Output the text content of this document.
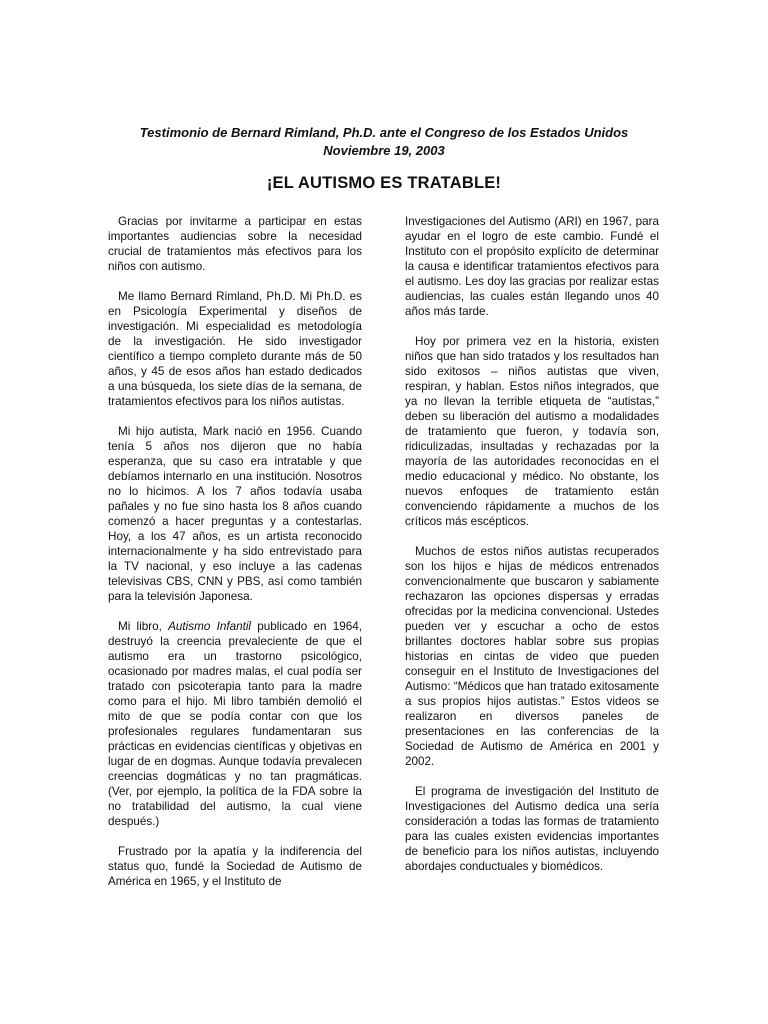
Testimonio de Bernard Rimland, Ph.D. ante el Congreso de los Estados Unidos
Noviembre 19, 2003
¡EL AUTISMO ES TRATABLE!

Gracias por invitarme a participar en estas importantes audiencias sobre la necesidad crucial de tratamientos más efectivos para los niños con autismo.

Me llamo Bernard Rimland, Ph.D. Mi Ph.D. es en Psicología Experimental y diseños de investigación. Mi especialidad es metodología de la investigación. He sido investigador científico a tiempo completo durante más de 50 años, y 45 de esos años han estado dedicados a una búsqueda, los siete días de la semana, de tratamientos efectivos para los niños autistas.

Mi hijo autista, Mark nació en 1956. Cuando tenía 5 años nos dijeron que no había esperanza, que su caso era intratable y que debíamos internarlo en una institución. Nosotros no lo hicimos. A los 7 años todavía usaba pañales y no fue sino hasta los 8 años cuando comenzó a hacer preguntas y a contestarlas. Hoy, a los 47 años, es un artista reconocido internacionalmente y ha sido entrevistado para la TV nacional, y eso incluye a las cadenas televisivas CBS, CNN y PBS, así como también para la televisión Japonesa.

Mi libro, Autismo Infantil publicado en 1964, destruyó la creencia prevaleciente de que el autismo era un trastorno psicológico, ocasionado por madres malas, el cual podía ser tratado con psicoterapia tanto para la madre como para el hijo. Mi libro también demolió el mito de que se podía contar con que los profesionales regulares fundamentaran sus prácticas en evidencias científicas y objetivas en lugar de en dogmas. Aunque todavía prevalecen creencias dogmáticas y no tan pragmáticas. (Ver, por ejemplo, la política de la FDA sobre la no tratabilidad del autismo, la cual viene después.)

Frustrado por la apatía y la indiferencia del status quo, fundé la Sociedad de Autismo de América en 1965, y el Instituto de

Investigaciones del Autismo (ARI) en 1967, para ayudar en el logro de este cambio. Fundé el Instituto con el propósito explícito de determinar la causa e identificar tratamientos efectivos para el autismo. Les doy las gracias por realizar estas audiencias, las cuales están llegando unos 40 años más tarde.

Hoy por primera vez en la historia, existen niños que han sido tratados y los resultados han sido exitosos – niños autistas que viven, respiran, y hablan. Estos niños integrados, que ya no llevan la terrible etiqueta de “autistas,” deben su liberación del autismo a modalidades de tratamiento que fueron, y todavía son, ridiculizadas, insultadas y rechazadas por la mayoría de las autoridades reconocidas en el medio educacional y médico. No obstante, los nuevos enfoques de tratamiento están convenciendo rápidamente a muchos de los críticos más escépticos.

Muchos de estos niños autistas recuperados son los hijos e hijas de médicos entrenados convencionalmente que buscaron y sabiamente rechazaron las opciones dispersas y erradas ofrecidas por la medicina convencional. Ustedes pueden ver y escuchar a ocho de estos brillantes doctores hablar sobre sus propias historias en cintas de video que pueden conseguir en el Instituto de Investigaciones del Autismo: “Médicos que han tratado exitosamente a sus propios hijos autistas.” Estos videos se realizaron en diversos paneles de presentaciones en las conferencias de la Sociedad de Autismo de América en 2001 y 2002.

El programa de investigación del Instituto de Investigaciones del Autismo dedica una sería consideración a todas las formas de tratamiento para las cuales existen evidencias importantes de beneficio para los niños autistas, incluyendo abordajes conductuales y biomédicos.
